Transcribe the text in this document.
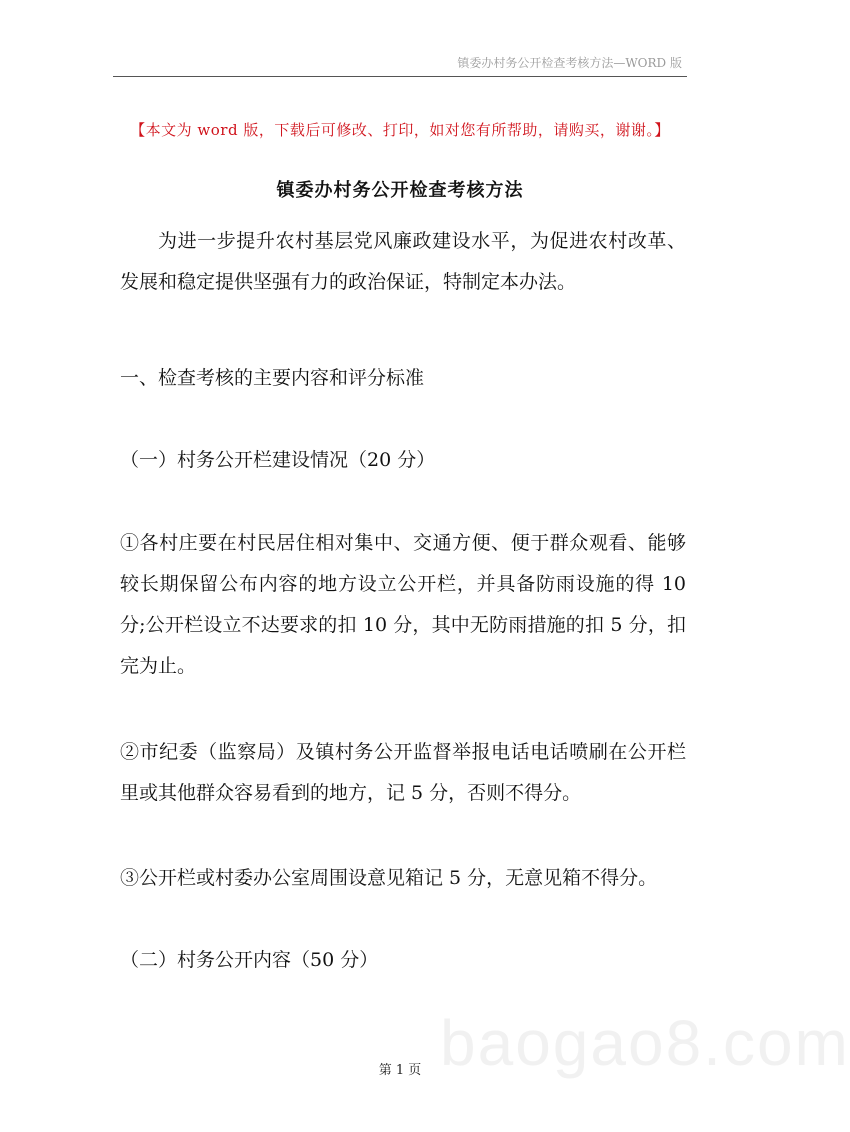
镇委办村务公开检查考核方法—WORD 版
【本文为 word 版，下载后可修改、打印，如对您有所帮助，请购买，谢谢。】
镇委办村务公开检查考核方法

为进一步提升农村基层党风廉政建设水平，为促进农村改革、发展和稳定提供坚强有力的政治保证，特制定本办法。

一、检查考核的主要内容和评分标准

（一）村务公开栏建设情况（20 分）

①各村庄要在村民居住相对集中、交通方便、便于群众观看、能够较长期保留公布内容的地方设立公开栏，并具备防雨设施的得 10 分;公开栏设立不达要求的扣 10 分，其中无防雨措施的扣 5 分，扣完为止。

②市纪委（监察局）及镇村务公开监督举报电话电话喷刷在公开栏里或其他群众容易看到的地方，记 5 分，否则不得分。

③公开栏或村委办公室周围设意见箱记 5 分，无意见箱不得分。

（二）村务公开内容（50 分）

baogao8.com
第 1 页
